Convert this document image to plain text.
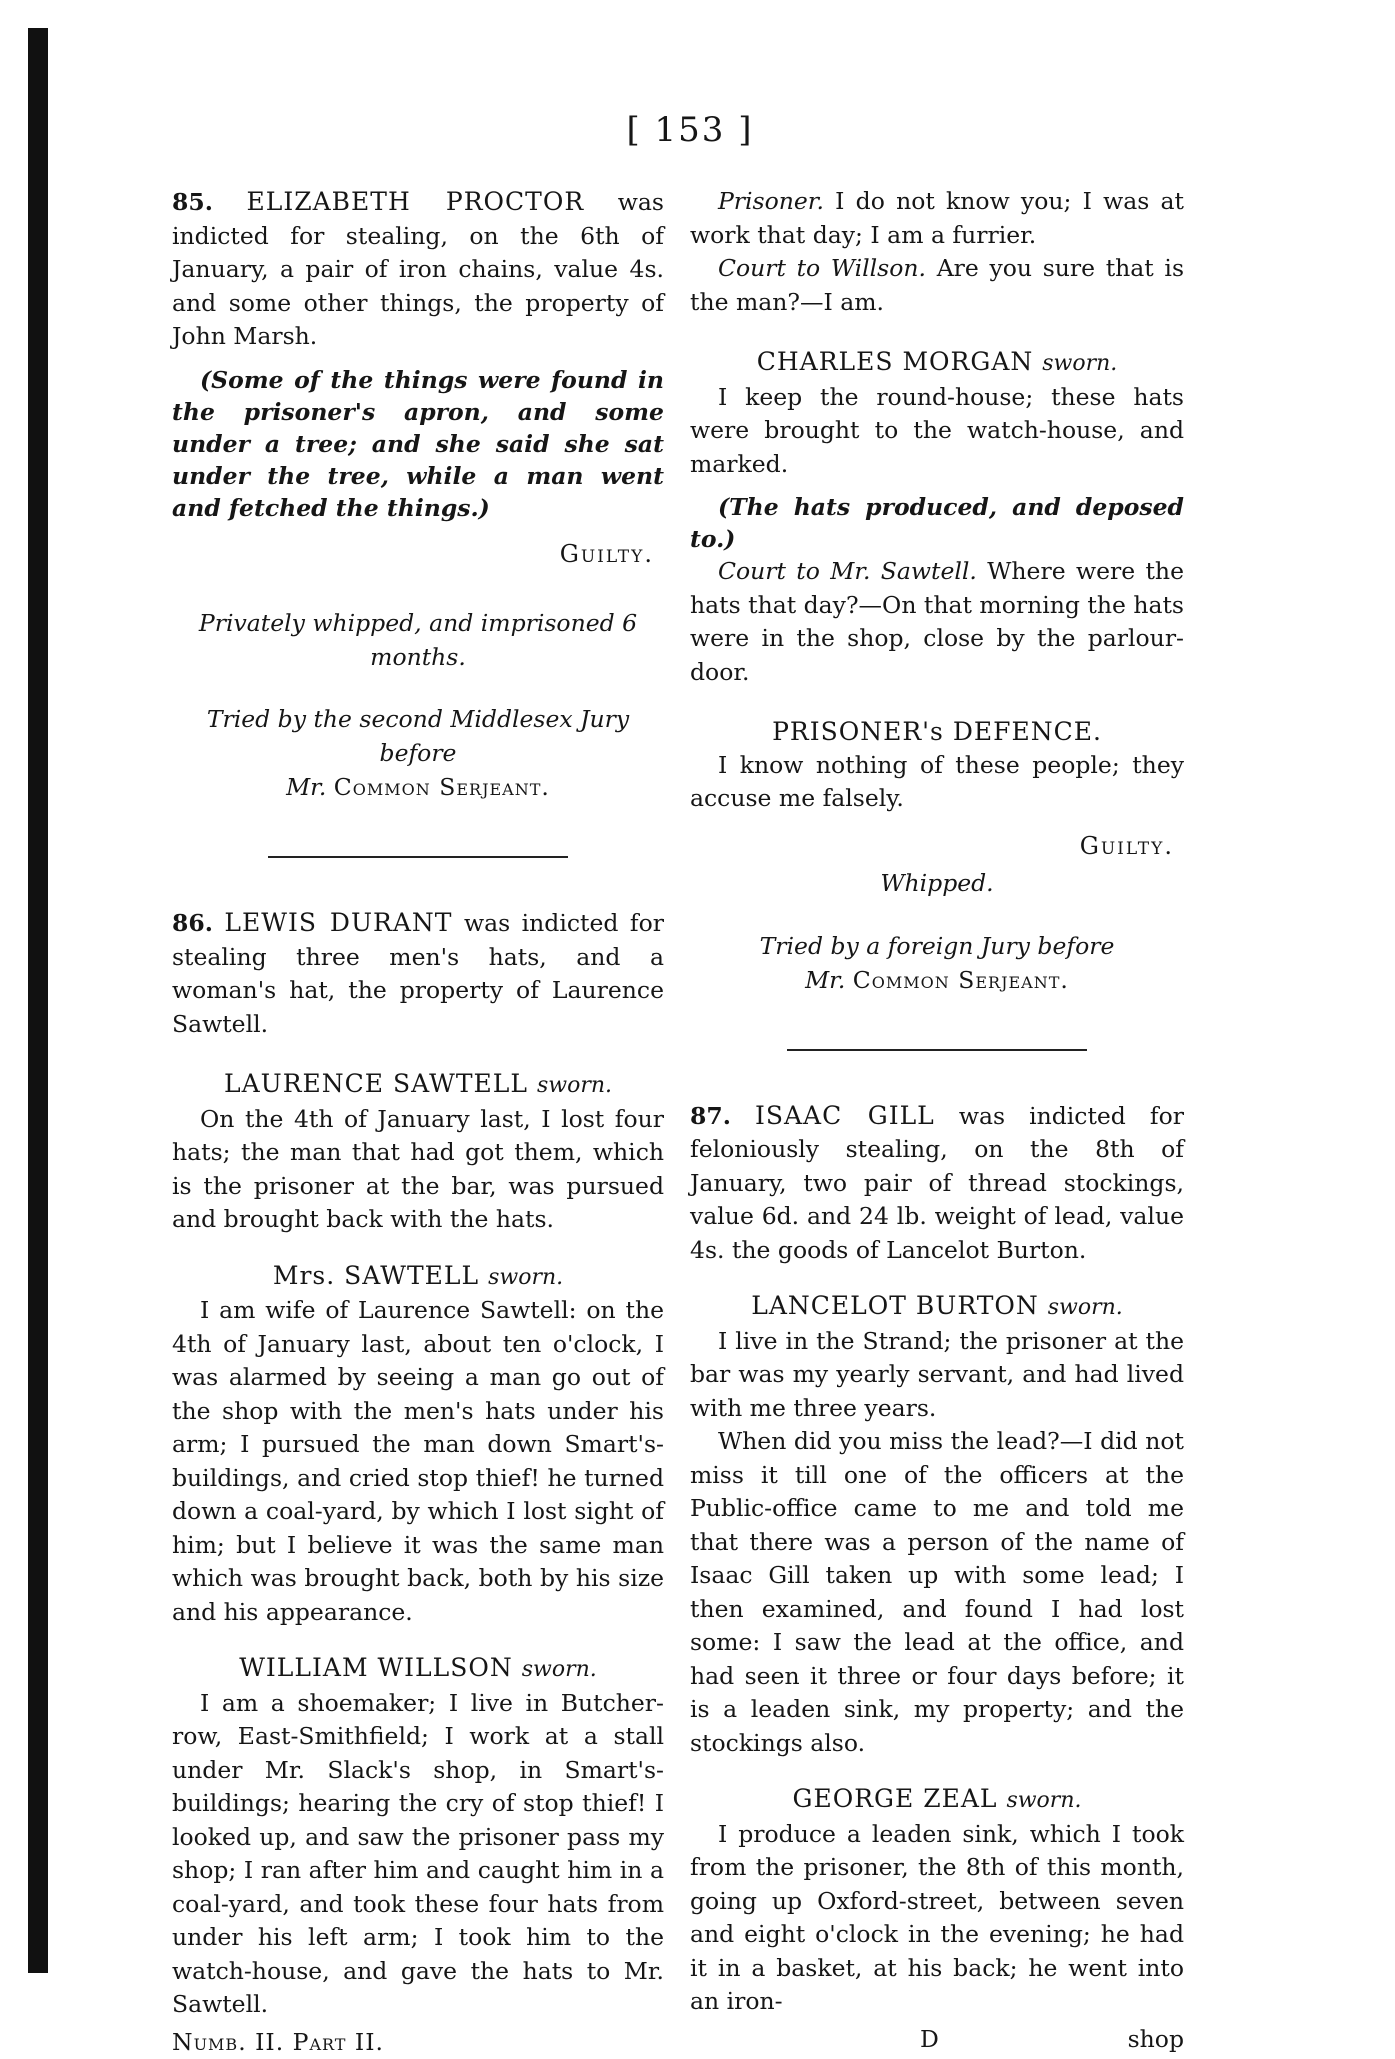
[ 153 ]

85. ELIZABETH PROCTOR was indicted for stealing, on the 6th of January, a pair of iron chains, value 4s. and some other things, the property of John Marsh.

(Some of the things were found in the prisoner's apron, and some under a tree; and she said she sat under the tree, while a man went and fetched the things.)

Guilty.

Privately whipped, and imprisoned 6 months.

Tried by the second Middlesex Jury before
Mr. Common Serjeant.

86. LEWIS DURANT was indicted for stealing three men's hats, and a woman's hat, the property of Laurence Sawtell.

LAURENCE SAWTELL sworn.

On the 4th of January last, I lost four hats; the man that had got them, which is the prisoner at the bar, was pursued and brought back with the hats.

Mrs. SAWTELL sworn.

I am wife of Laurence Sawtell: on the 4th of January last, about ten o'clock, I was alarmed by seeing a man go out of the shop with the men's hats under his arm; I pursued the man down Smart's-buildings, and cried stop thief! he turned down a coal-yard, by which I lost sight of him; but I believe it was the same man which was brought back, both by his size and his appearance.

WILLIAM WILLSON sworn.

I am a shoemaker; I live in Butcher-row, East-Smithfield; I work at a stall under Mr. Slack's shop, in Smart's-buildings; hearing the cry of stop thief! I looked up, and saw the prisoner pass my shop; I ran after him and caught him in a coal-yard, and took these four hats from under his left arm; I took him to the watch-house, and gave the hats to Mr. Sawtell.

Numb. II. Part II.

Prisoner. I do not know you; I was at work that day; I am a furrier.

Court to Willson. Are you sure that is the man?—I am.

CHARLES MORGAN sworn.

I keep the round-house; these hats were brought to the watch-house, and marked.

(The hats produced, and deposed to.)

Court to Mr. Sawtell. Where were the hats that day?—On that morning the hats were in the shop, close by the parlour-door.

PRISONER's DEFENCE.

I know nothing of these people; they accuse me falsely.

Guilty.

Whipped.

Tried by a foreign Jury before
Mr. Common Serjeant.

87. ISAAC GILL was indicted for feloniously stealing, on the 8th of January, two pair of thread stockings, value 6d. and 24 lb. weight of lead, value 4s. the goods of Lancelot Burton.

LANCELOT BURTON sworn.

I live in the Strand; the prisoner at the bar was my yearly servant, and had lived with me three years.

When did you miss the lead?—I did not miss it till one of the officers at the Public-office came to me and told me that there was a person of the name of Isaac Gill taken up with some lead; I then examined, and found I had lost some: I saw the lead at the office, and had seen it three or four days before; it is a leaden sink, my property; and the stockings also.

GEORGE ZEAL sworn.

I produce a leaden sink, which I took from the prisoner, the 8th of this month, going up Oxford-street, between seven and eight o'clock in the evening; he had it in a basket, at his back; he went into an iron-

D	shop
